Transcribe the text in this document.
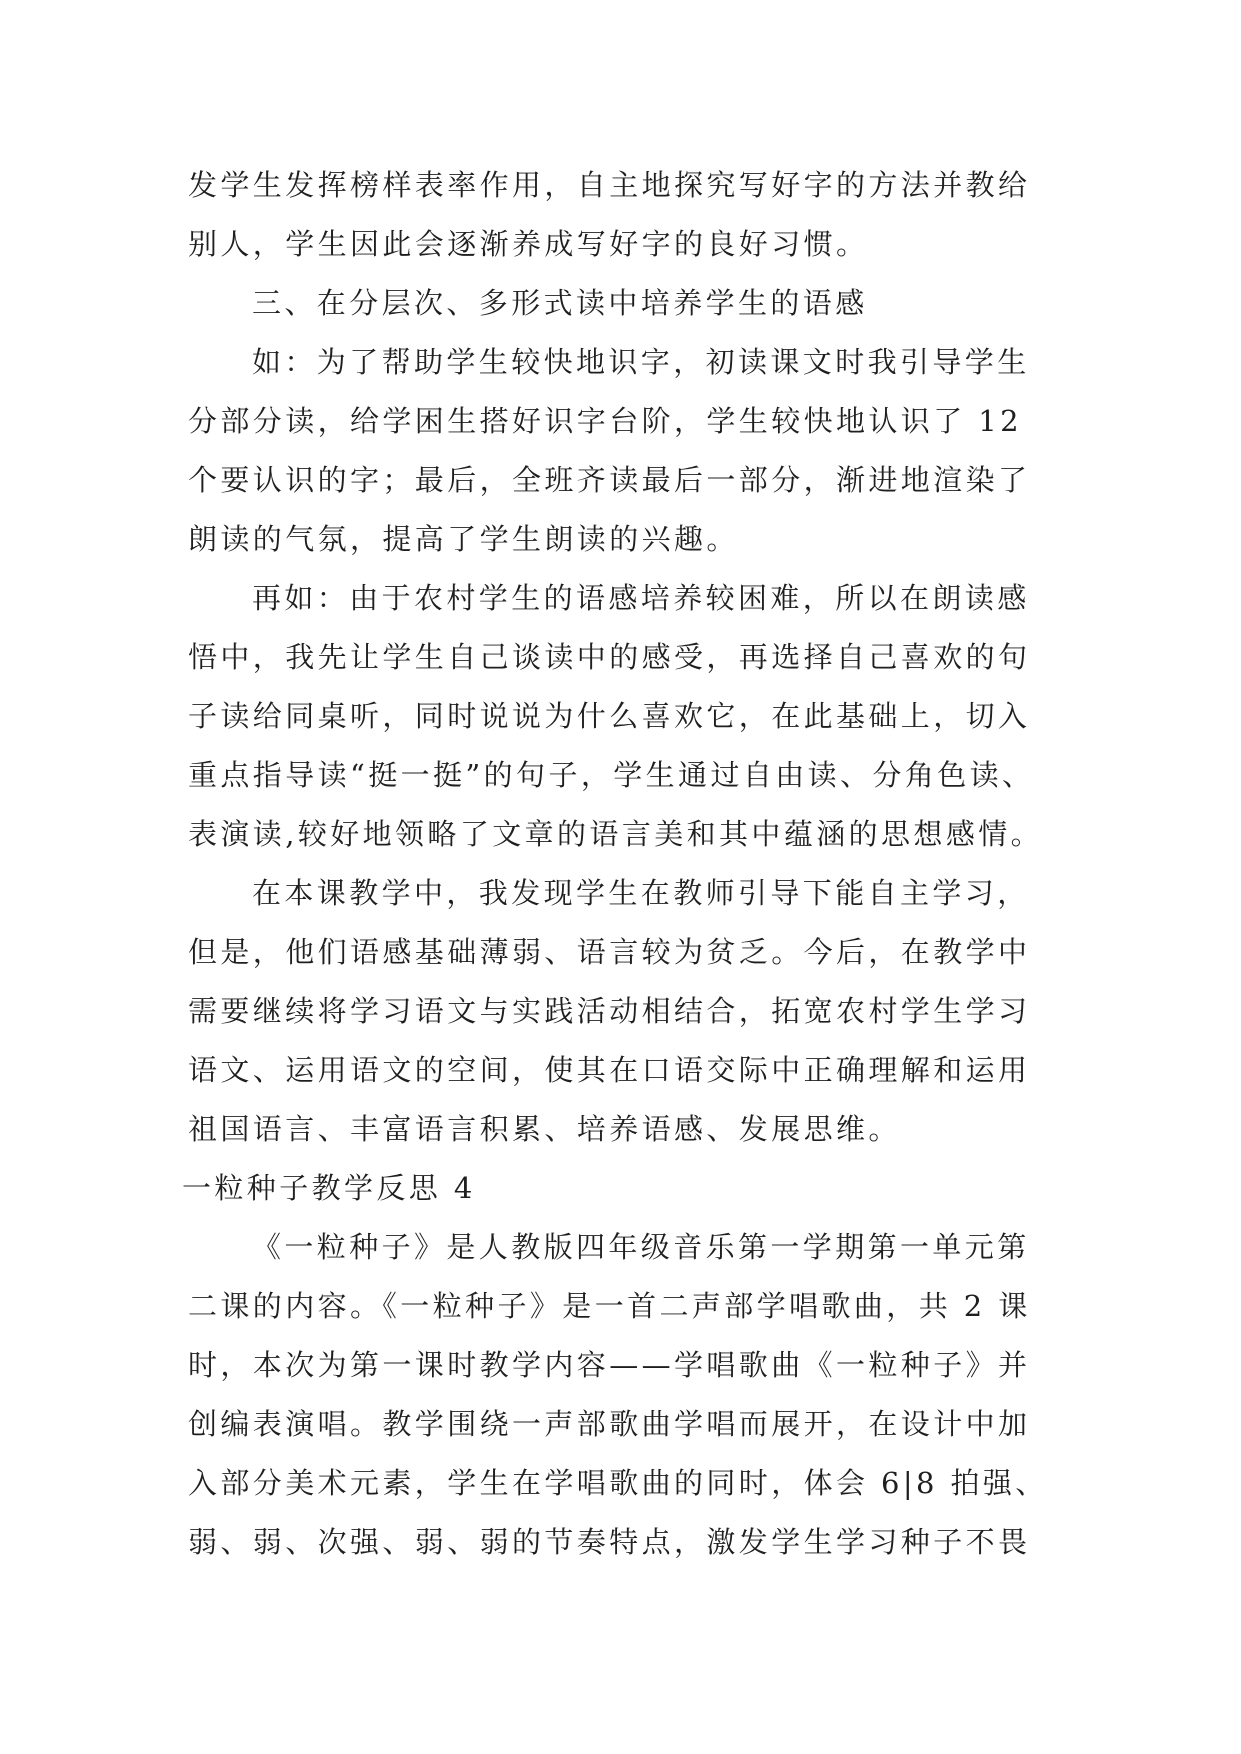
发学生发挥榜样表率作用，自主地探究写好字的方法并教给
别人，学生因此会逐渐养成写好字的良好习惯。
三、在分层次、多形式读中培养学生的语感
如：为了帮助学生较快地识字，初读课文时我引导学生
分部分读，给学困生搭好识字台阶，学生较快地认识了 12
个要认识的字；最后，全班齐读最后一部分，渐进地渲染了
朗读的气氛，提高了学生朗读的兴趣。
再如：由于农村学生的语感培养较困难，所以在朗读感
悟中，我先让学生自己谈读中的感受，再选择自己喜欢的句
子读给同桌听，同时说说为什么喜欢它，在此基础上，切入
重点指导读“挺一挺”的句子，学生通过自由读、分角色读、
表演读,较好地领略了文章的语言美和其中蕴涵的思想感情。
在本课教学中，我发现学生在教师引导下能自主学习，
但是，他们语感基础薄弱、语言较为贫乏。今后，在教学中
需要继续将学习语文与实践活动相结合，拓宽农村学生学习
语文、运用语文的空间，使其在口语交际中正确理解和运用
祖国语言、丰富语言积累、培养语感、发展思维。
一粒种子教学反思 4
《一粒种子》是人教版四年级音乐第一学期第一单元第
二课的内容。《一粒种子》是一首二声部学唱歌曲，共 2 课
时，本次为第一课时教学内容——学唱歌曲《一粒种子》并
创编表演唱。教学围绕一声部歌曲学唱而展开，在设计中加
入部分美术元素，学生在学唱歌曲的同时，体会 6|8 拍强、
弱、弱、次强、弱、弱的节奏特点，激发学生学习种子不畏
